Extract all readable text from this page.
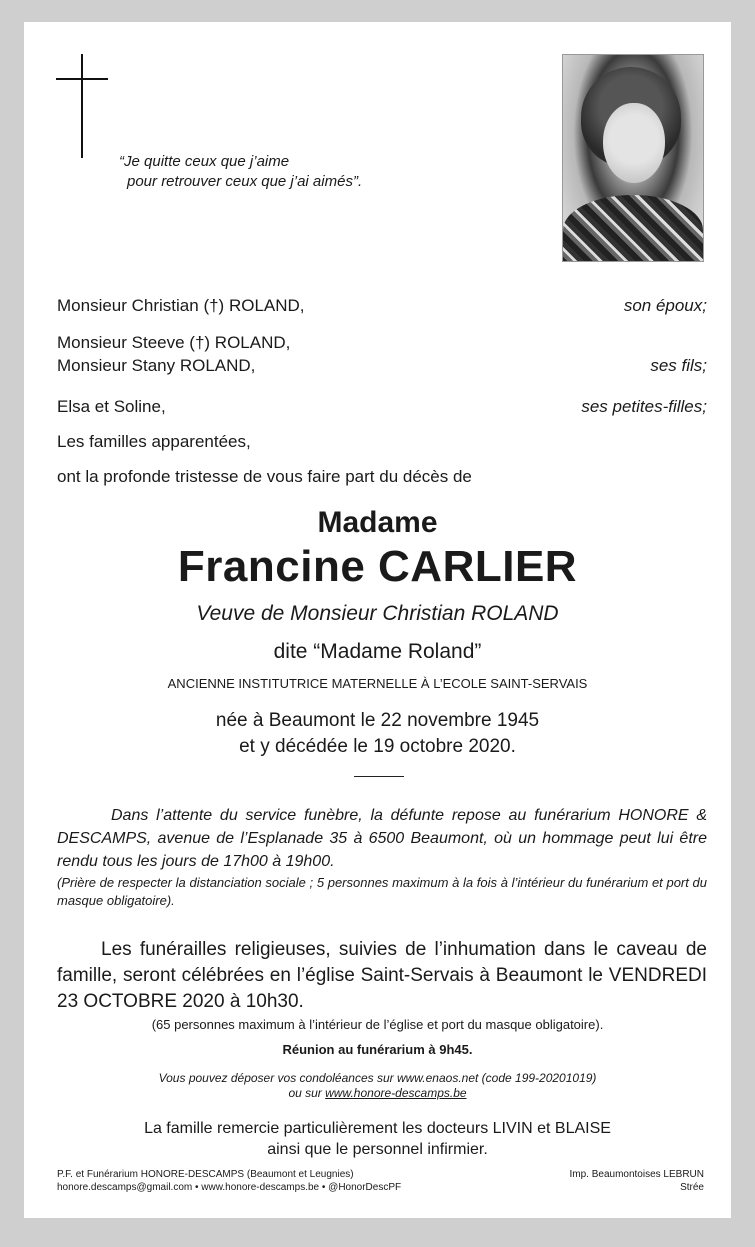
“Je quitte ceux que j’aime
pour retrouver ceux que j’ai aimés”.
Monsieur Christian (†) ROLAND,	son époux;
Monsieur Steeve (†) ROLAND,
Monsieur Stany ROLAND,	ses fils;
Elsa et Soline,	ses petites-filles;
Les familles apparentées,
ont la profonde tristesse de vous faire part du décès de
Madame
Francine CARLIER
Veuve de Monsieur Christian ROLAND
dite “Madame Roland”
ANCIENNE INSTITUTRICE MATERNELLE À L’ECOLE SAINT-SERVAIS
née à Beaumont le 22 novembre 1945
et y décédée le 19 octobre 2020.
Dans l’attente du service funèbre, la défunte repose au funérarium HONORE & DESCAMPS, avenue de l’Esplanade 35 à 6500 Beaumont, où un hommage peut lui être rendu tous les jours de 17h00 à 19h00.
(Prière de respecter la distanciation sociale ; 5 personnes maximum à la fois à l’intérieur du funérarium et port du masque obligatoire).
Les funérailles religieuses, suivies de l’inhumation dans le caveau de famille, seront célébrées en l’église Saint-Servais à Beaumont le VENDREDI 23 OCTOBRE 2020 à 10h30.
(65 personnes maximum à l’intérieur de l’église et port du masque obligatoire).
Réunion au funérarium à 9h45.
Vous pouvez déposer vos condoléances sur www.enaos.net (code 199-20201019)
ou sur www.honore-descamps.be
La famille remercie particulièrement les docteurs LIVIN et BLAISE
ainsi que le personnel infirmier.
P.F. et Funérarium HONORE-DESCAMPS (Beaumont et Leugnies)
honore.descamps@gmail.com • www.honore-descamps.be • @HonorDescPF
Imp. Beaumontoises LEBRUN
Strée
